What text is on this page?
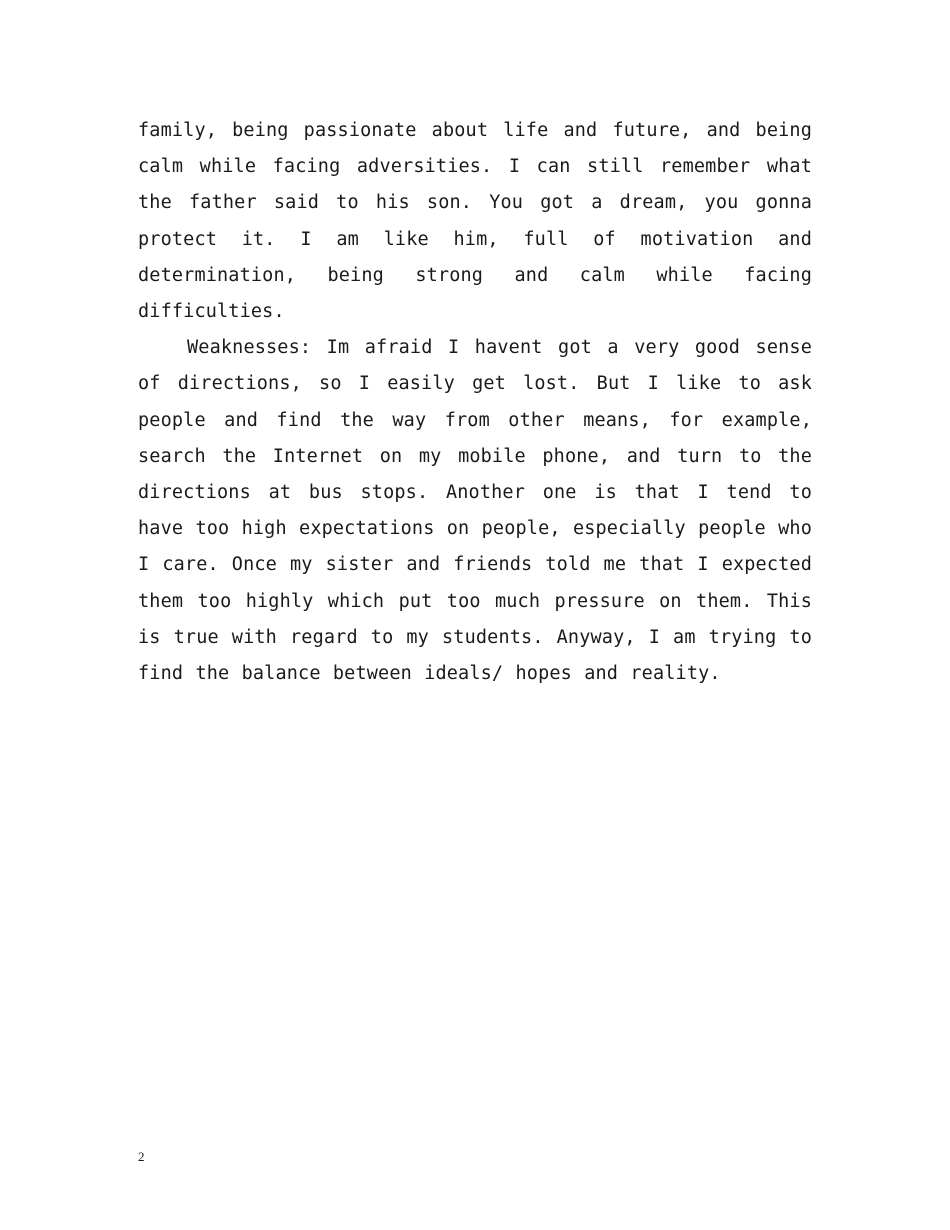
family, being passionate about life and future, and being calm while facing adversities. I can still remember what the father said to his son. You got a dream, you gonna protect it. I am like him, full of motivation and determination, being strong and calm while facing difficulties.

Weaknesses: Im afraid I havent got a very good sense of directions, so I easily get lost. But I like to ask people and find the way from other means, for example, search the Internet on my mobile phone, and turn to the directions at bus stops. Another one is that I tend to have too high expectations on people, especially people who I care. Once my sister and friends told me that I expected them too highly which put too much pressure on them. This is true with regard to my students. Anyway, I am trying to find the balance between ideals/ hopes and reality.

2
